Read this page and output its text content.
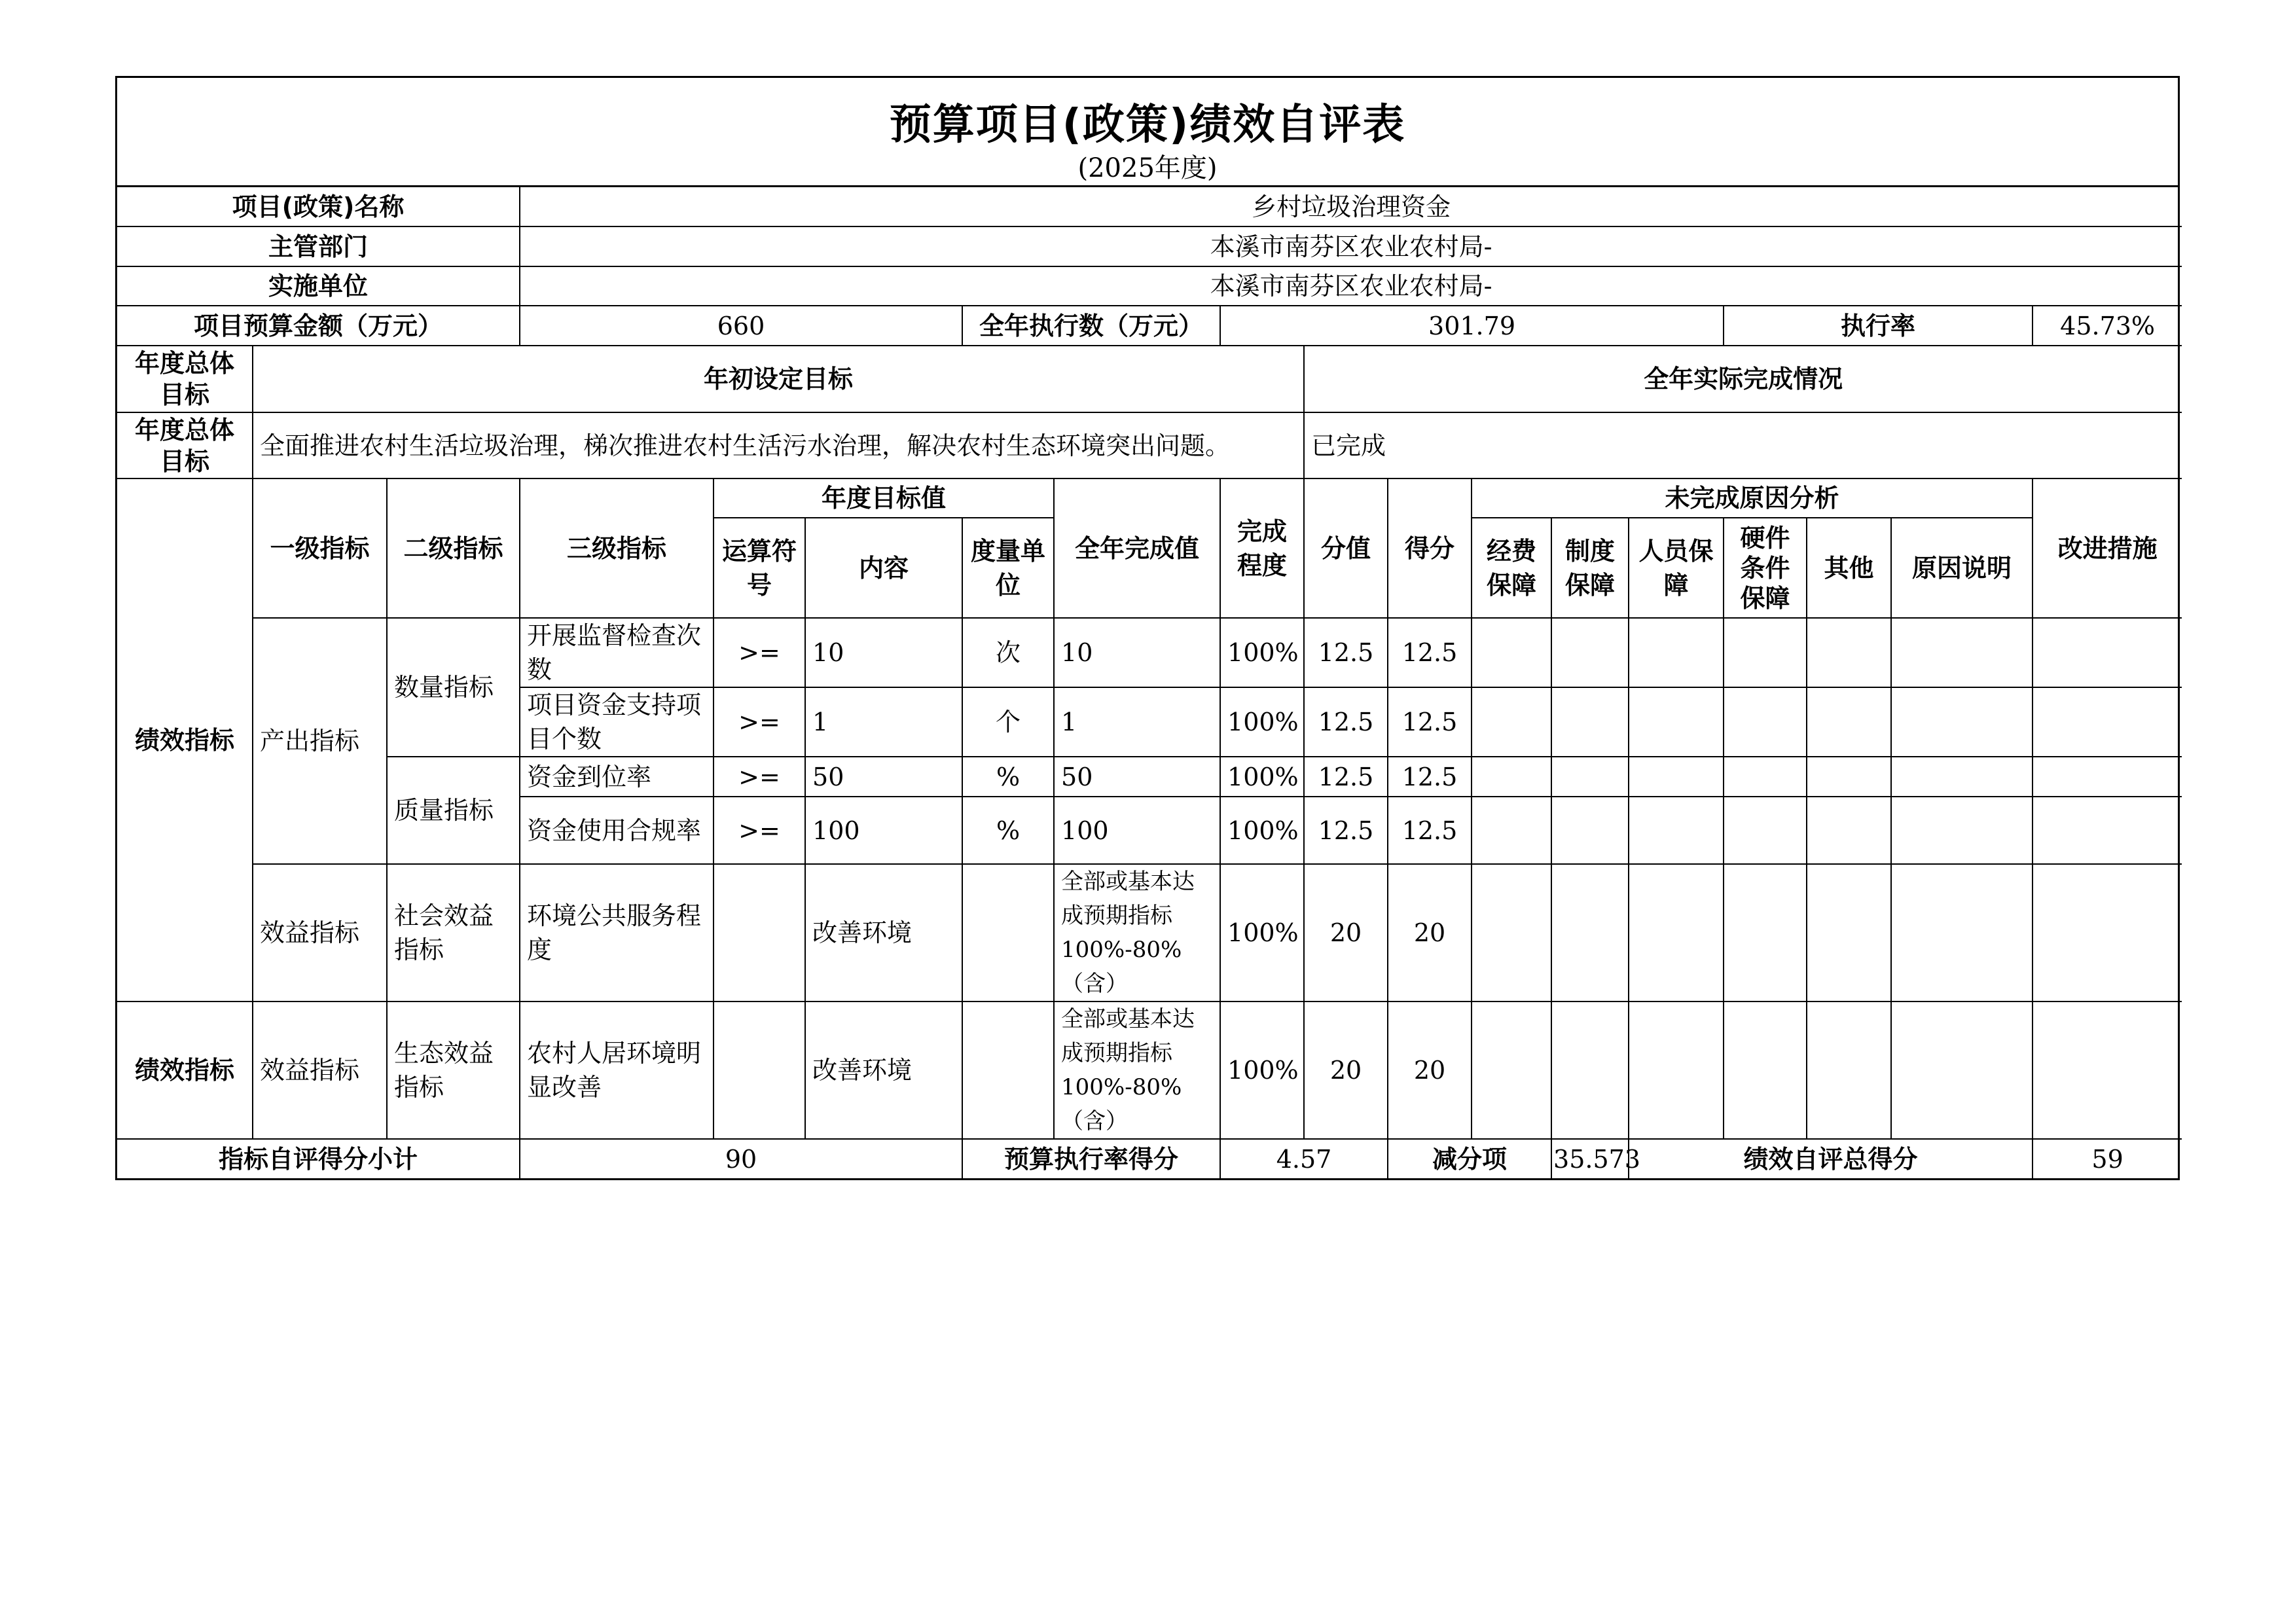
预算项目(政策)绩效自评表
(2025年度)
项目(政策)名称			乡村垃圾治理资金														
主管部门			本溪市南芬区农业农村局-														
实施单位			本溪市南芬区农业农村局-														
项目预算金额（万元）			660			全年执行数（万元）		301.79						执行率			45.73%
年度总体目标	年初设定目标								全年实际完成情况								
年度总体目标	全面推进农村生活垃圾治理，梯次推进农村生活污水治理，解决农村生态环境突出问题。								已完成								
绩效指标	一级指标	二级指标	三级指标	年度目标值			全年完成值	完成程度	分值	得分	未完成原因分析						改进措施
				运算符号	内容	度量单位					经费保障	制度保障	人员保障	硬件条件保障	其他	原因说明	
	产出指标	数量指标	开展监督检查次数	>=	10	次	10	100%	12.5	12.5							
			项目资金支持项目个数	>=	1	个	1	100%	12.5	12.5							
		质量指标	资金到位率	>=	50	%	50	100%	12.5	12.5							
			资金使用合规率	>=	100	%	100	100%	12.5	12.5							
	效益指标	社会效益指标	环境公共服务程度		改善环境		全部或基本达成预期指标100%-80%（含）	100%	20	20							
绩效指标	效益指标	生态效益指标	农村人居环境明显改善		改善环境		全部或基本达成预期指标100%-80%（含）	100%	20	20							
指标自评得分小计			90			预算执行率得分		4.57		减分项		35.573	绩效自评总得分				59
